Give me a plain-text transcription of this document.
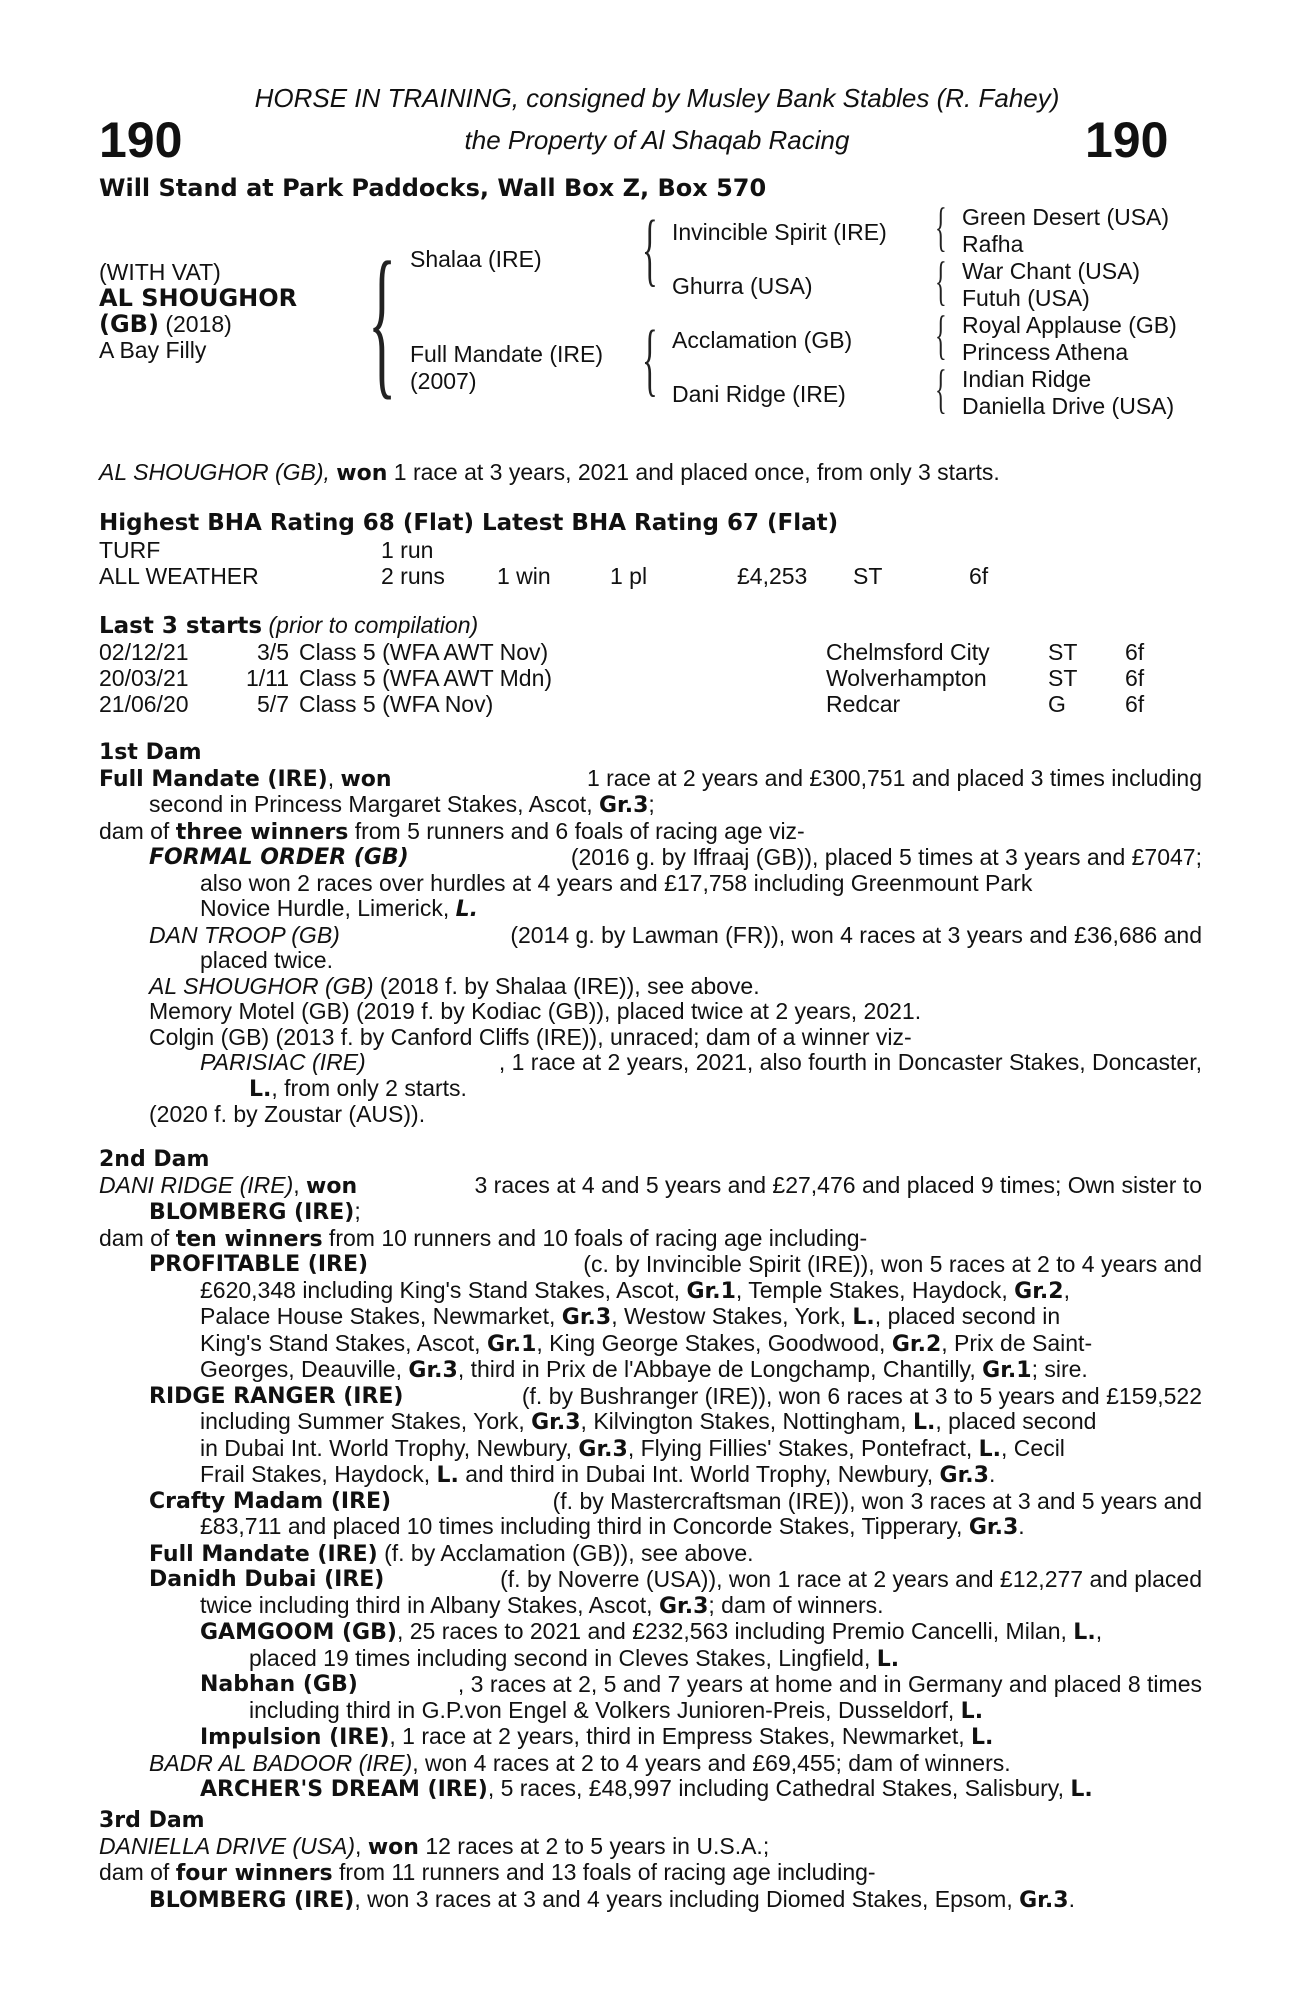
190	190
HORSE IN TRAINING, consigned by Musley Bank Stables (R. Fahey)
the Property of Al Shaqab Racing
Will Stand at Park Paddocks, Wall Box Z, Box 570
(WITH VAT)
AL SHOUGHOR
(GB) (2018)
A Bay Filly { Shalaa (IRE)
Full Mandate (IRE)
(2007)
{
{
Invincible Spirit (IRE)
Ghurra (USA)
Acclamation (GB)
Dani Ridge (IRE)
{
{
{
{
Green Desert (USA)
Rafha
War Chant (USA)
Futuh (USA)
Royal Applause (GB)
Princess Athena
Indian Ridge
Daniella Drive (USA)
AL SHOUGHOR (GB), won 1 race at 3 years, 2021 and placed once, from only 3 starts.
Highest BHA Rating 68 (Flat) Latest BHA Rating 67 (Flat)
TURF	1 run					
ALL WEATHER	2 runs	1 win	1 pl	£4,253	ST	6f
Last 3 starts (prior to compilation)
02/12/21	3/5	Class 5 (WFA AWT Nov)	Chelmsford City	ST	6f
20/03/21	1/11	Class 5 (WFA AWT Mdn)	Wolverhampton	ST	6f
21/06/20	5/7	Class 5 (WFA Nov)	Redcar	G	6f
1st Dam
Full Mandate (IRE), won	1 race at 2 years and £300,751 and placed 3 times including
second in Princess Margaret Stakes, Ascot, Gr.3;
dam of three winners from 5 runners and 6 foals of racing age viz-
FORMAL ORDER (GB)	(2016 g. by Iffraaj (GB)), placed 5 times at 3 years and £7047;
also won 2 races over hurdles at 4 years and £17,758 including Greenmount Park
Novice Hurdle, Limerick, L.
DAN TROOP (GB)	(2014 g. by Lawman (FR)), won 4 races at 3 years and £36,686 and
placed twice.
AL SHOUGHOR (GB) (2018 f. by Shalaa (IRE)), see above.
Memory Motel (GB) (2019 f. by Kodiac (GB)), placed twice at 2 years, 2021.
Colgin (GB) (2013 f. by Canford Cliffs (IRE)), unraced; dam of a winner viz-
PARISIAC (IRE)	, 1 race at 2 years, 2021, also fourth in Doncaster Stakes, Doncaster,
L., from only 2 starts.
(2020 f. by Zoustar (AUS)).
2nd Dam
DANI RIDGE (IRE), won	3 races at 4 and 5 years and £27,476 and placed 9 times; Own sister to
BLOMBERG (IRE);
dam of ten winners from 10 runners and 10 foals of racing age including-
PROFITABLE (IRE)	(c. by Invincible Spirit (IRE)), won 5 races at 2 to 4 years and
£620,348 including King's Stand Stakes, Ascot, Gr.1, Temple Stakes, Haydock, Gr.2,
Palace House Stakes, Newmarket, Gr.3, Westow Stakes, York, L., placed second in
King's Stand Stakes, Ascot, Gr.1, King George Stakes, Goodwood, Gr.2, Prix de Saint-
Georges, Deauville, Gr.3, third in Prix de l'Abbaye de Longchamp, Chantilly, Gr.1; sire.
RIDGE RANGER (IRE)	(f. by Bushranger (IRE)), won 6 races at 3 to 5 years and £159,522
including Summer Stakes, York, Gr.3, Kilvington Stakes, Nottingham, L., placed second
in Dubai Int. World Trophy, Newbury, Gr.3, Flying Fillies' Stakes, Pontefract, L., Cecil
Frail Stakes, Haydock, L. and third in Dubai Int. World Trophy, Newbury, Gr.3.
Crafty Madam (IRE)	(f. by Mastercraftsman (IRE)), won 3 races at 3 and 5 years and
£83,711 and placed 10 times including third in Concorde Stakes, Tipperary, Gr.3.
Full Mandate (IRE) (f. by Acclamation (GB)), see above.
Danidh Dubai (IRE)	(f. by Noverre (USA)), won 1 race at 2 years and £12,277 and placed
twice including third in Albany Stakes, Ascot, Gr.3; dam of winners.
GAMGOOM (GB), 25 races to 2021 and £232,563 including Premio Cancelli, Milan, L.,
placed 19 times including second in Cleves Stakes, Lingfield, L.
Nabhan (GB)	, 3 races at 2, 5 and 7 years at home and in Germany and placed 8 times
including third in G.P.von Engel & Volkers Junioren-Preis, Dusseldorf, L.
Impulsion (IRE), 1 race at 2 years, third in Empress Stakes, Newmarket, L.
BADR AL BADOOR (IRE), won 4 races at 2 to 4 years and £69,455; dam of winners.
ARCHER'S DREAM (IRE), 5 races, £48,997 including Cathedral Stakes, Salisbury, L.
3rd Dam
DANIELLA DRIVE (USA), won 12 races at 2 to 5 years in U.S.A.;
dam of four winners from 11 runners and 13 foals of racing age including-
BLOMBERG (IRE), won 3 races at 3 and 4 years including Diomed Stakes, Epsom, Gr.3.
